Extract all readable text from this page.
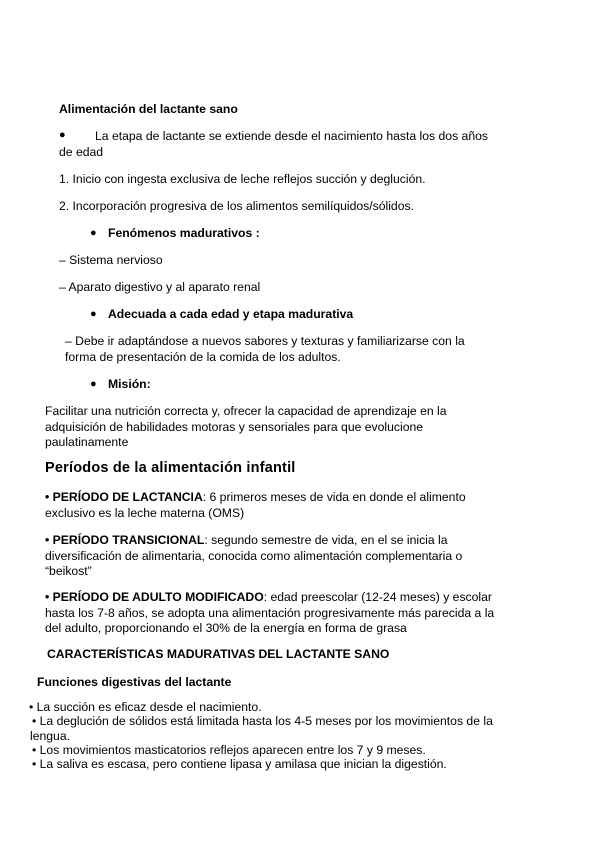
Alimentación del lactante sano
● La etapa de lactante se extiende desde el nacimiento hasta los dos años
de edad
1. Inicio con ingesta exclusiva de leche reflejos succión y deglución.
2. Incorporación progresiva de los alimentos semilíquidos/sólidos.
● Fenómenos madurativos :
– Sistema nervioso
– Aparato digestivo y al aparato renal
● Adecuada a cada edad y etapa madurativa
– Debe ir adaptándose a nuevos sabores y texturas y familiarizarse con la
forma de presentación de la comida de los adultos.
● Misión:
Facilitar una nutrición correcta y, ofrecer la capacidad de aprendizaje en la
adquisición de habilidades motoras y sensoriales para que evolucione
paulatinamente
Períodos de la alimentación infantil
• PERÍODO DE LACTANCIA: 6 primeros meses de vida en donde el alimento
exclusivo es la leche materna (OMS)
• PERÍODO TRANSICIONAL: segundo semestre de vida, en el se inicia la
diversificación de alimentaria, conocida como alimentación complementaria o
“beikost”
• PERÍODO DE ADULTO MODIFICADO: edad preescolar (12-24 meses) y escolar
hasta los 7-8 años, se adopta una alimentación progresivamente más parecida a la
del adulto, proporcionando el 30% de la energía en forma de grasa
CARACTERÍSTICAS MADURATIVAS DEL LACTANTE SANO
Funciones digestivas del lactante
• La succión es eficaz desde el nacimiento.
• La deglución de sólidos está limitada hasta los 4-5 meses por los movimientos de la
lengua.
• Los movimientos masticatorios reflejos aparecen entre los 7 y 9 meses.
• La saliva es escasa, pero contiene lipasa y amilasa que inician la digestión.
